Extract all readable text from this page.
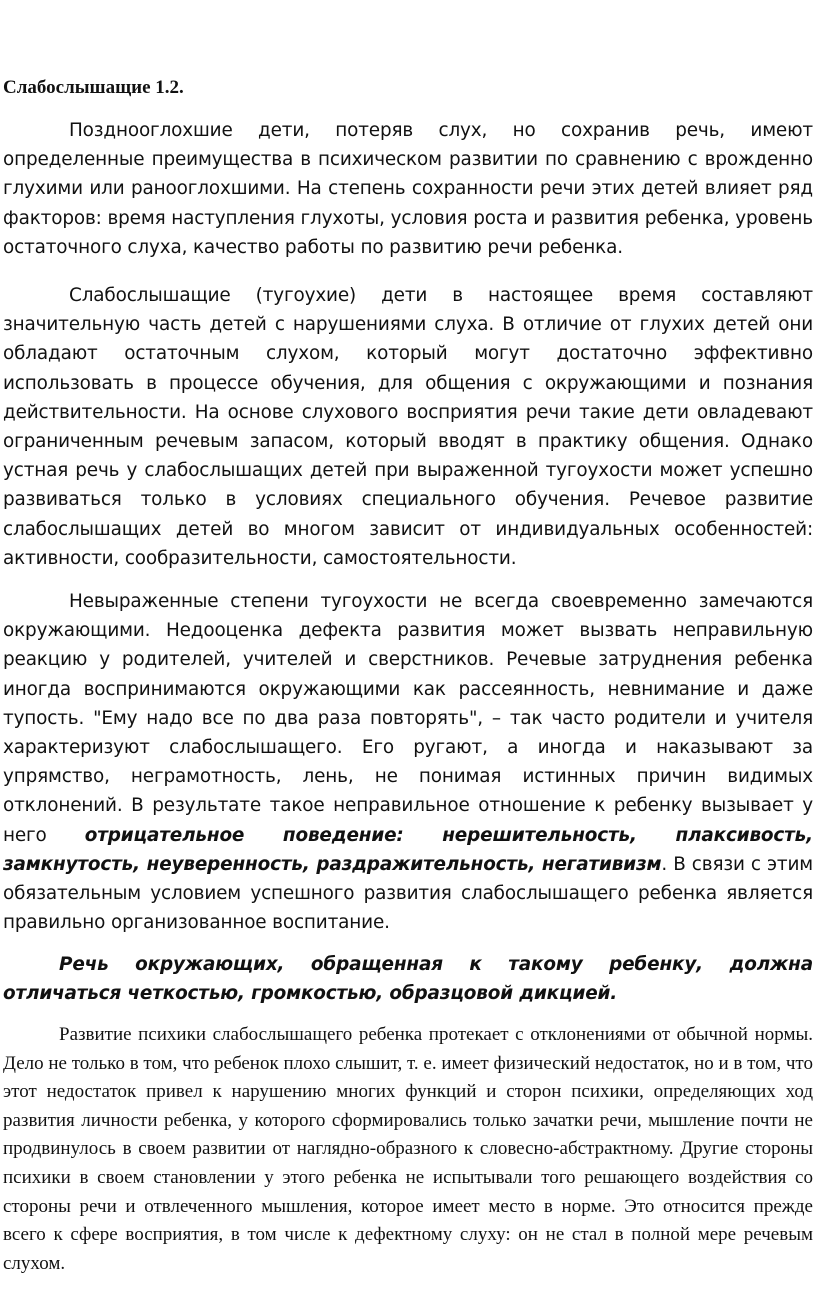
Слабослышащие 1.2.

Позднооглохшие дети, потеряв слух, но сохранив речь, имеют определенные преимущества в психическом развитии по сравнению с врожденно глухими или ранооглохшими. На степень сохранности речи этих детей влияет ряд факторов: время наступления глухоты, условия роста и развития ребенка, уровень остаточного слуха, качество работы по развитию речи ребенка.

Слабослышащие (тугоухие) дети в настоящее время составляют значительную часть детей с нарушениями слуха. В отличие от глухих детей они обладают остаточным слухом, который могут достаточно эффективно использовать в процессе обучения, для общения с окружающими и познания действительности. На основе слухового восприятия речи такие дети овладевают ограниченным речевым запасом, который вводят в практику общения. Однако устная речь у слабослышащих детей при выраженной тугоухости может успешно развиваться только в условиях специального обучения. Речевое развитие слабослышащих детей во многом зависит от индивидуальных особенностей: активности, сообразительности, самостоятельности.

Невыраженные степени тугоухости не всегда своевременно замечаются окружающими. Недооценка дефекта развития может вызвать неправильную реакцию у родителей, учителей и сверстников. Речевые затруднения ребенка иногда воспринимаются окружающими как рассеянность, невнимание и даже тупость. "Ему надо все по два раза повторять", – так часто родители и учителя характеризуют слабослышащего. Его ругают, а иногда и наказывают за упрямство, неграмотность, лень, не понимая истинных причин видимых отклонений. В результате такое неправильное отношение к ребенку вызывает у него отрицательное поведение: нерешительность, плаксивость, замкнутость, неуверенность, раздражительность, негативизм. В связи с этим обязательным условием успешного развития слабослышащего ребенка является правильно организованное воспитание.

Речь окружающих, обращенная к такому ребенку, должна отличаться четкостью, громкостью, образцовой дикцией.

Развитие психики слабослышащего ребенка протекает с отклонениями от обычной нормы. Дело не только в том, что ребенок плохо слышит, т. е. имеет физический недостаток, но и в том, что этот недостаток привел к нарушению многих функций и сторон психики, определяющих ход развития личности ребенка, у которого сформировались только зачатки речи, мышление почти не продвинулось в своем развитии от наглядно-образного к словесно-абстрактному. Другие стороны психики в своем становлении у этого ребенка не испытывали того решающего воздействия со стороны речи и отвлеченного мышления, которое имеет место в норме. Это относится прежде всего к сфере восприятия, в том числе к дефектному слуху: он не стал в полной мере речевым слухом.
